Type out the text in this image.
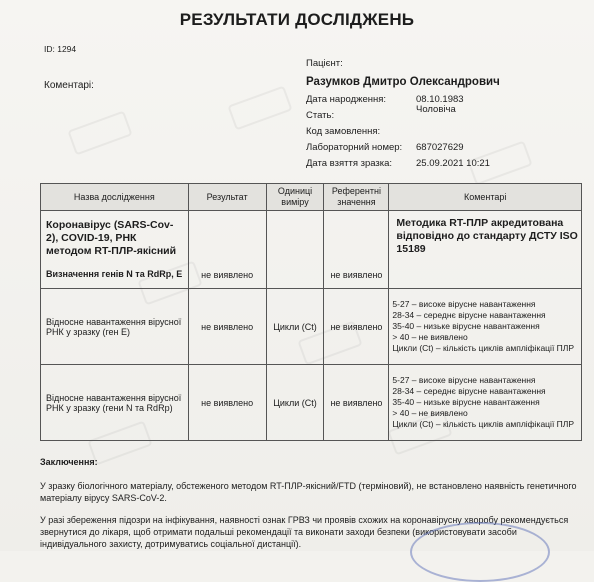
РЕЗУЛЬТАТИ ДОСЛІДЖЕНЬ
ID: 1294
Коментарі:
Пацієнт:
Разумков Дмитро Олександрович
Дата народження:	08.10.1983
Стать:
Чоловіча
Код замовлення:
Лабораторний номер: 687027629
Дата взяття зразка:	25.09.2021 10:21
Назва дослідження	Результат	Одиниці виміру	Референтні значення	Коментарі

Коронавірус (SARS-Cov-2), COVID-19, РНК методом RT-ПЛР-якісний
Визначення генів N та RdRp, E	не виявлено		не виявлено	Методика RT-ПЛР акредитована відповідно до стандарту ДСТУ ISO 15189

Відносне навантаження вірусної РНК у зразку (ген E)	не виявлено	Цикли (Ct)	не виявлено	5-27 – високе вірусне навантаження
28-34 – середнє вірусне навантаження
35-40 – низьке вірусне навантаження
> 40 – не виявлено
Цикли (Ct) – кількість циклів ампліфікації ПЛР

Відносне навантаження вірусної РНК у зразку (гени N та RdRp)	не виявлено	Цикли (Ct)	не виявлено	5-27 – високе вірусне навантаження
28-34 – середнє вірусне навантаження
35-40 – низьке вірусне навантаження
> 40 – не виявлено
Цикли (Ct) – кількість циклів ампліфікації ПЛР
Заключення:

У зразку біологічного матеріалу, обстеженого методом RT-ПЛР-якісний/FTD (терміновий), не встановлено наявність генетичного матеріалу вірусу SARS-CoV-2.

У разі збереження підозри на інфікування, наявності ознак ГРВЗ чи проявів схожих на коронавірусну хворобу рекомендується звернутися до лікаря, щоб отримати подальші рекомендації та виконати заходи безпеки (використовувати засоби індивідуального захисту, дотримуватись соціальної дистанції).
